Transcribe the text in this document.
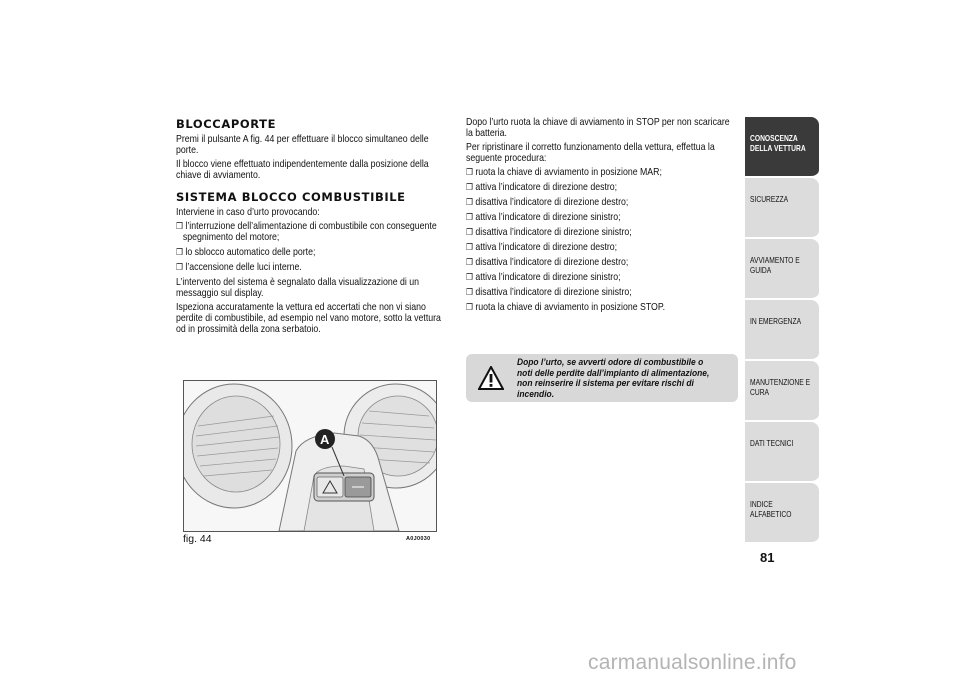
BLOCCAPORTE

Premi il pulsante A fig. 44 per effettuare il blocco simultaneo delle porte.

Il blocco viene effettuato indipendentemente dalla posizione della chiave di avviamento.

SISTEMA BLOCCO COMBUSTIBILE

Interviene in caso d’urto provocando:

❒ l’interruzione dell’alimentazione di combustibile con conseguente spegnimento del motore;
❒ lo sblocco automatico delle porte;
❒ l’accensione delle luci interne.

L’intervento del sistema è segnalato dalla visualizzazione di un messaggio sul display.

Ispeziona accuratamente la vettura ed accertati che non vi siano perdite di combustibile, ad esempio nel vano motore, sotto la vettura od in prossimità della zona serbatoio.

A
fig. 44	A0J0030

Dopo l’urto ruota la chiave di avviamento in STOP per non scaricare la batteria.

Per ripristinare il corretto funzionamento della vettura, effettua la seguente procedura:

❒ ruota la chiave di avviamento in posizione MAR;
❒ attiva l’indicatore di direzione destro;
❒ disattiva l’indicatore di direzione destro;
❒ attiva l’indicatore di direzione sinistro;
❒ disattiva l’indicatore di direzione sinistro;
❒ attiva l’indicatore di direzione destro;
❒ disattiva l’indicatore di direzione destro;
❒ attiva l’indicatore di direzione sinistro;
❒ disattiva l’indicatore di direzione sinistro;
❒ ruota la chiave di avviamento in posizione STOP.
Dopo l’urto, se avverti odore di combustibile o noti delle perdite dall’impianto di alimentazione, non reinserire il sistema per evitare rischi di incendio.
CONOSCENZA DELLA VETTURA
SICUREZZA
AVVIAMENTO E GUIDA
IN EMERGENZA
MANUTENZIONE E CURA
DATI TECNICI
INDICE ALFABETICO
81
carmanualsonline.info
